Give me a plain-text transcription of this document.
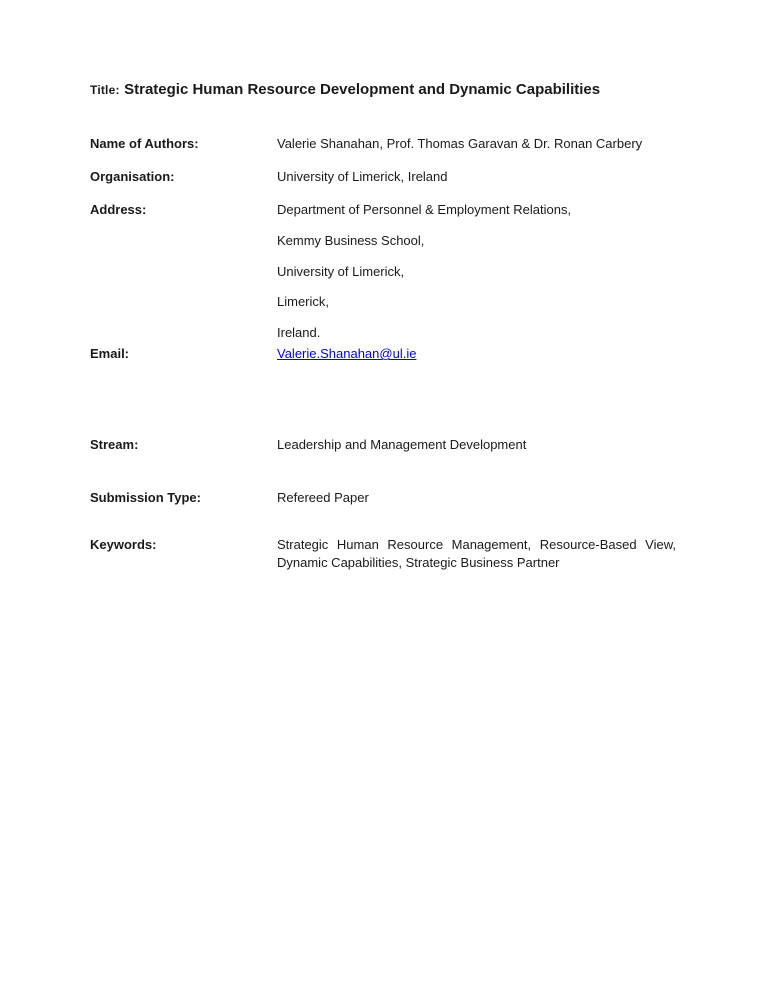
Title: Strategic Human Resource Development and Dynamic Capabilities

Name of Authors:	Valerie Shanahan, Prof. Thomas Garavan & Dr. Ronan Carbery
Organisation:	University of Limerick, Ireland
Address:	Department of Personnel & Employment Relations,

Kemmy Business School,

University of Limerick,

Limerick,

Ireland.

Email:	Valerie.Shanahan@ul.ie
Stream:	Leadership and Management Development
Submission Type:	Refereed Paper
Keywords:	Strategic Human Resource Management, Resource-Based View, Dynamic Capabilities, Strategic Business Partner
